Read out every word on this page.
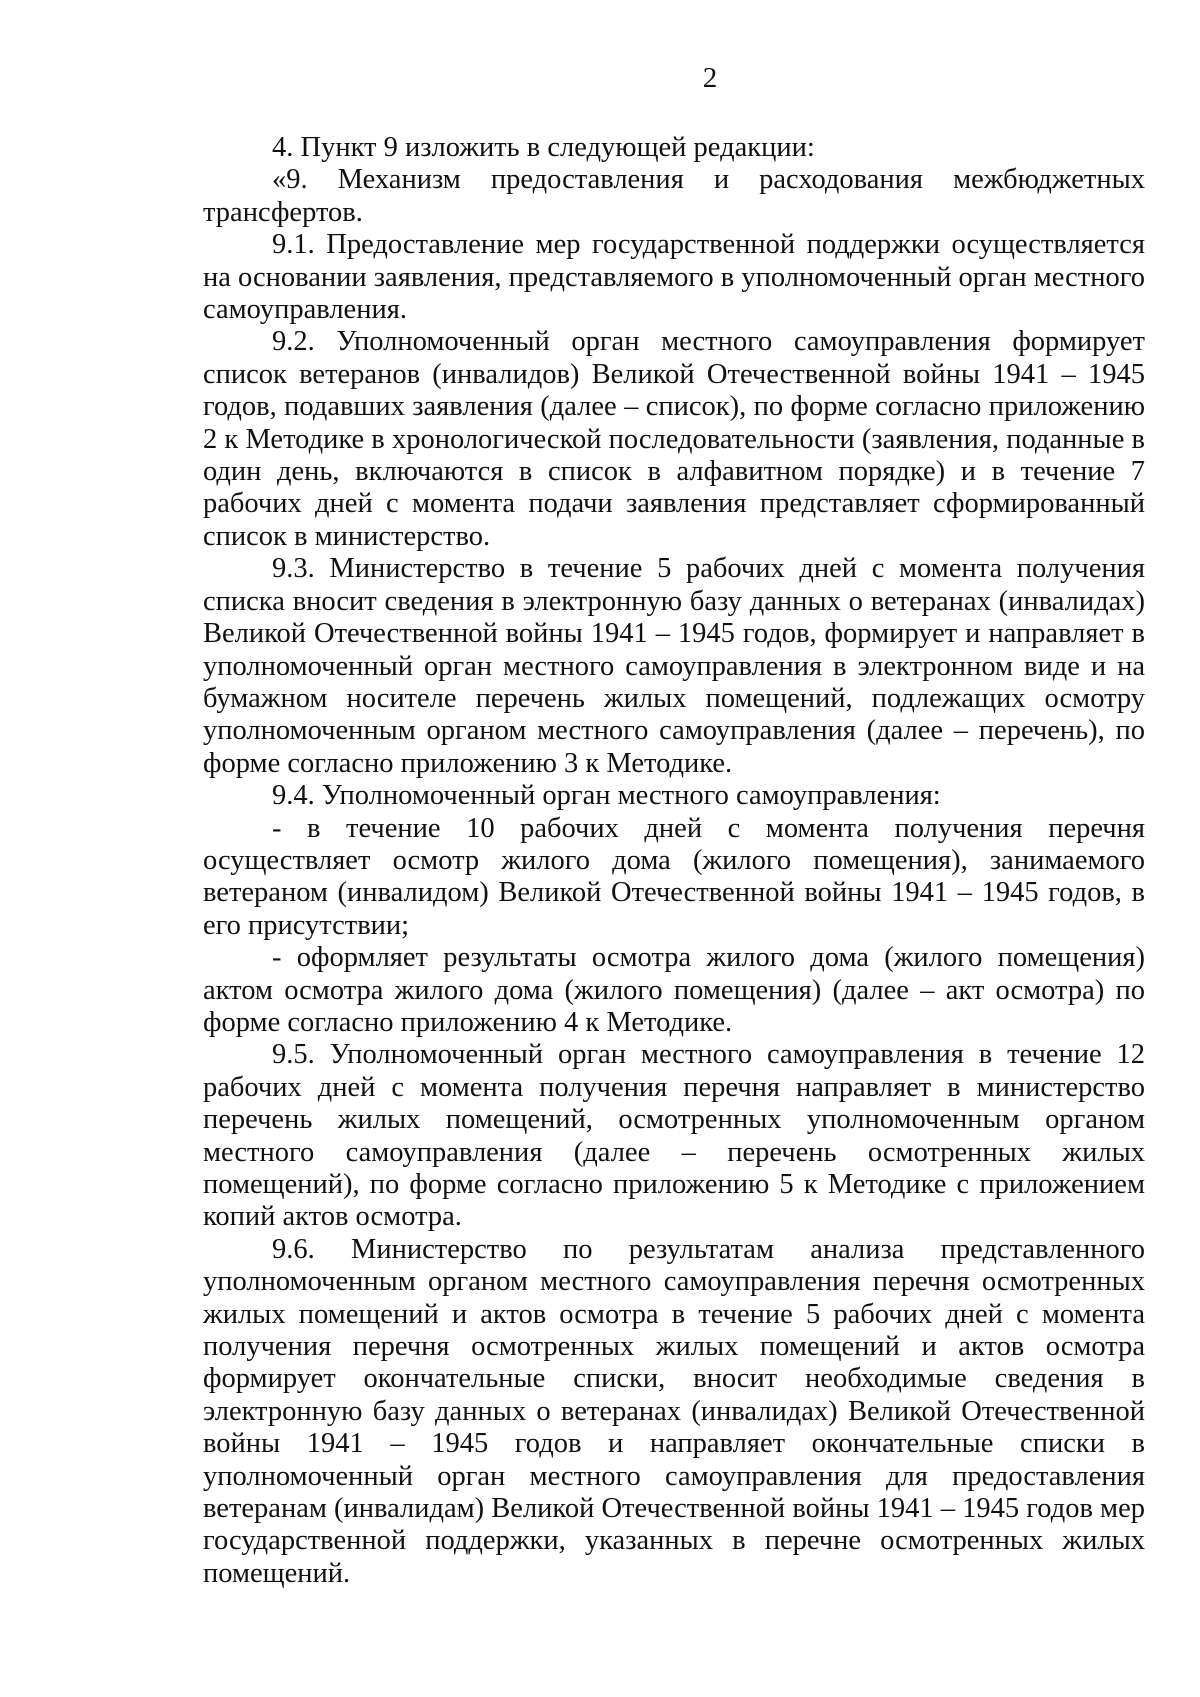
2

4. Пункт 9 изложить в следующей редакции:

«9. Механизм предоставления и расходования межбюджетных трансфертов.

9.1. Предоставление мер государственной поддержки осуществляется на основании заявления, представляемого в уполномоченный орган местного самоуправления.

9.2. Уполномоченный орган местного самоуправления формирует список ветеранов (инвалидов) Великой Отечественной войны 1941 – 1945 годов, подавших заявления (далее – список), по форме согласно приложению 2 к Методике в хронологической последовательности (заявления, поданные в один день, включаются в список в алфавитном порядке) и в течение 7 рабочих дней с момента подачи заявления представляет сформированный список в министерство.

9.3. Министерство в течение 5 рабочих дней с момента получения списка вносит сведения в электронную базу данных о ветеранах (инвалидах) Великой Отечественной войны 1941 – 1945 годов, формирует и направляет в уполномоченный орган местного самоуправления в электронном виде и на бумажном носителе перечень жилых помещений, подлежащих осмотру уполномоченным органом местного самоуправления (далее – перечень), по форме согласно приложению 3 к Методике.

9.4. Уполномоченный орган местного самоуправления:

- в течение 10 рабочих дней с момента получения перечня осуществляет осмотр жилого дома (жилого помещения), занимаемого ветераном (инвалидом) Великой Отечественной войны 1941 – 1945 годов, в его присутствии;

- оформляет результаты осмотра жилого дома (жилого помещения) актом осмотра жилого дома (жилого помещения) (далее – акт осмотра) по форме согласно приложению 4 к Методике.

9.5. Уполномоченный орган местного самоуправления в течение 12 рабочих дней с момента получения перечня направляет в министерство перечень жилых помещений, осмотренных уполномоченным органом местного самоуправления (далее – перечень осмотренных жилых помещений), по форме согласно приложению 5 к Методике с приложением копий актов осмотра.

9.6. Министерство по результатам анализа представленного уполномоченным органом местного самоуправления перечня осмотренных жилых помещений и актов осмотра в течение 5 рабочих дней с момента получения перечня осмотренных жилых помещений и актов осмотра формирует окончательные списки, вносит необходимые сведения в электронную базу данных о ветеранах (инвалидах) Великой Отечественной войны 1941 – 1945 годов и направляет окончательные списки в уполномоченный орган местного самоуправления для предоставления ветеранам (инвалидам) Великой Отечественной войны 1941 – 1945 годов мер государственной поддержки, указанных в перечне осмотренных жилых помещений.
